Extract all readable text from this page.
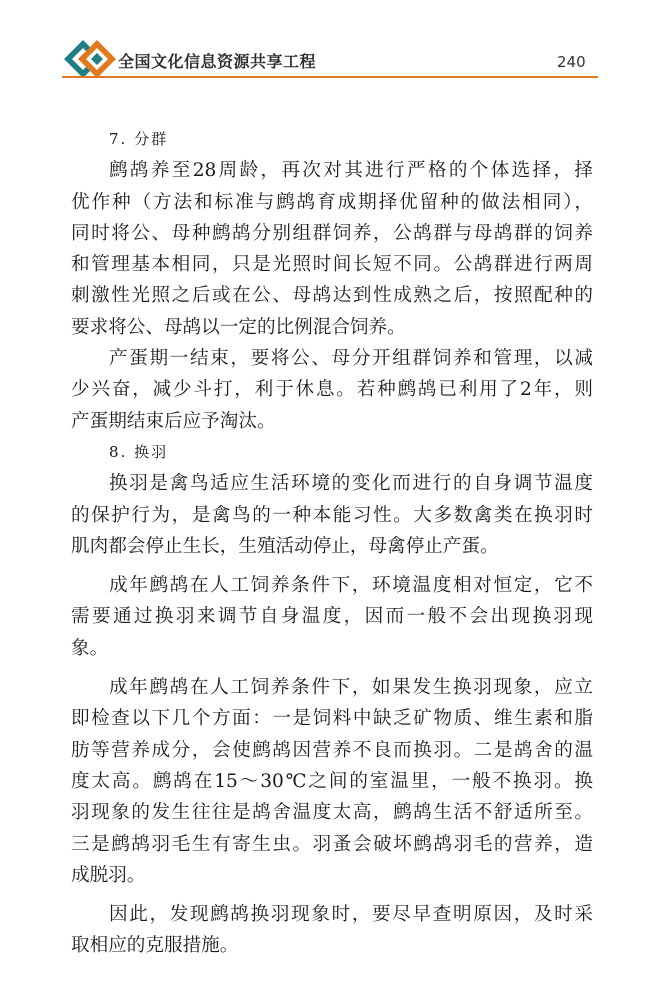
全国文化信息资源共享工程	240
7. 分群
鹧鸪养至28周龄，再次对其进行严格的个体选择，择
优作种（方法和标准与鹧鸪育成期择优留种的做法相同），
同时将公、母种鹧鸪分别组群饲养，公鸪群与母鸪群的饲养
和管理基本相同，只是光照时间长短不同。公鸪群进行两周
刺激性光照之后或在公、母鸪达到性成熟之后，按照配种的
要求将公、母鸪以一定的比例混合饲养。
产蛋期一结束，要将公、母分开组群饲养和管理，以减
少兴奋，减少斗打，利于休息。若种鹧鸪已利用了2年，则
产蛋期结束后应予淘汰。
8. 换羽
换羽是禽鸟适应生活环境的变化而进行的自身调节温度
的保护行为，是禽鸟的一种本能习性。大多数禽类在换羽时
肌肉都会停止生长，生殖活动停止，母禽停止产蛋。
成年鹧鸪在人工饲养条件下，环境温度相对恒定，它不
需要通过换羽来调节自身温度，因而一般不会出现换羽现
象。
成年鹧鸪在人工饲养条件下，如果发生换羽现象，应立
即检查以下几个方面：一是饲料中缺乏矿物质、维生素和脂
肪等营养成分，会使鹧鸪因营养不良而换羽。二是鸪舍的温
度太高。鹧鸪在15～30℃之间的室温里，一般不换羽。换
羽现象的发生往往是鸪舍温度太高，鹧鸪生活不舒适所至。
三是鹧鸪羽毛生有寄生虫。羽蚤会破坏鹧鸪羽毛的营养，造
成脱羽。
因此，发现鹧鸪换羽现象时，要尽早查明原因，及时采
取相应的克服措施。
